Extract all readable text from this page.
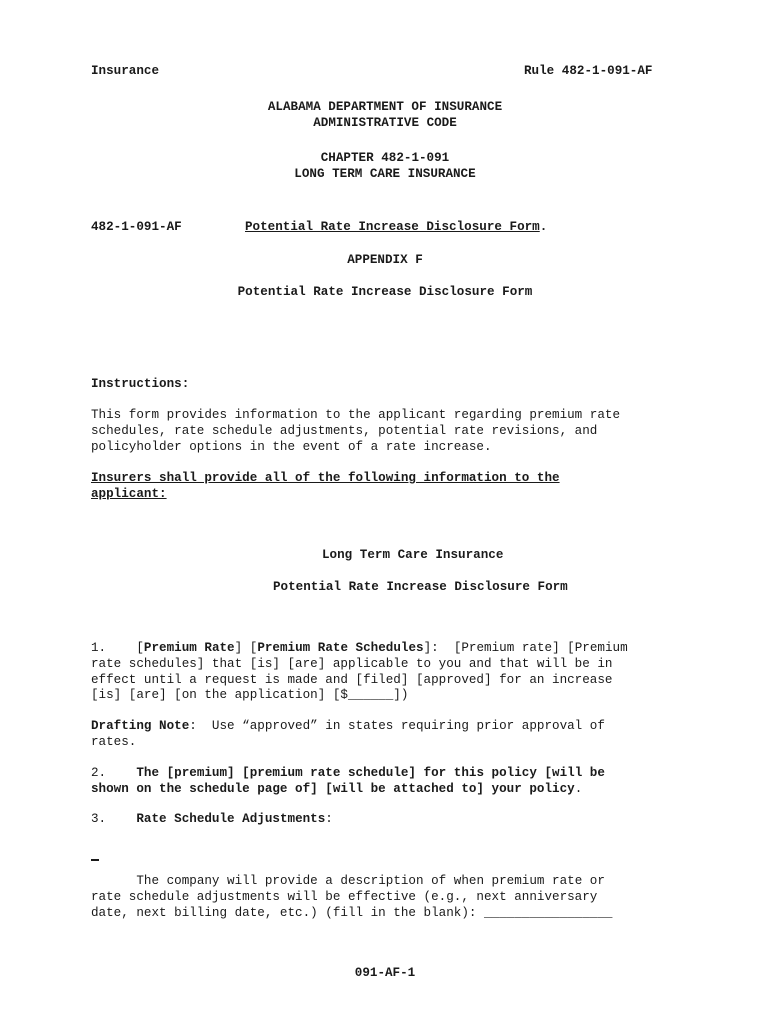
Insurance	Rule 482-1-091-AF
ALABAMA DEPARTMENT OF INSURANCE
ADMINISTRATIVE CODE
CHAPTER 482-1-091
LONG TERM CARE INSURANCE
482-1-091-AF	Potential Rate Increase Disclosure Form.
APPENDIX F
Potential Rate Increase Disclosure Form
Instructions:
This form provides information to the applicant regarding premium rate
schedules, rate schedule adjustments, potential rate revisions, and
policyholder options in the event of a rate increase.
Insurers shall provide all of the following information to the
applicant:
Long Term Care Insurance
Potential Rate Increase Disclosure Form
1. [Premium Rate] [Premium Rate Schedules]:  [Premium rate] [Premium
rate schedules] that [is] [are] applicable to you and that will be in
effect until a request is made and [filed] [approved] for an increase
[is] [are] [on the application] [$______])
Drafting Note:  Use “approved” in states requiring prior approval of
rates.
2. The [premium] [premium rate schedule] for this policy [will be
shown on the schedule page of] [will be attached to] your policy.
3. Rate Schedule Adjustments:
The company will provide a description of when premium rate or
rate schedule adjustments will be effective (e.g., next anniversary
date, next billing date, etc.) (fill in the blank): _________________
091-AF-1
